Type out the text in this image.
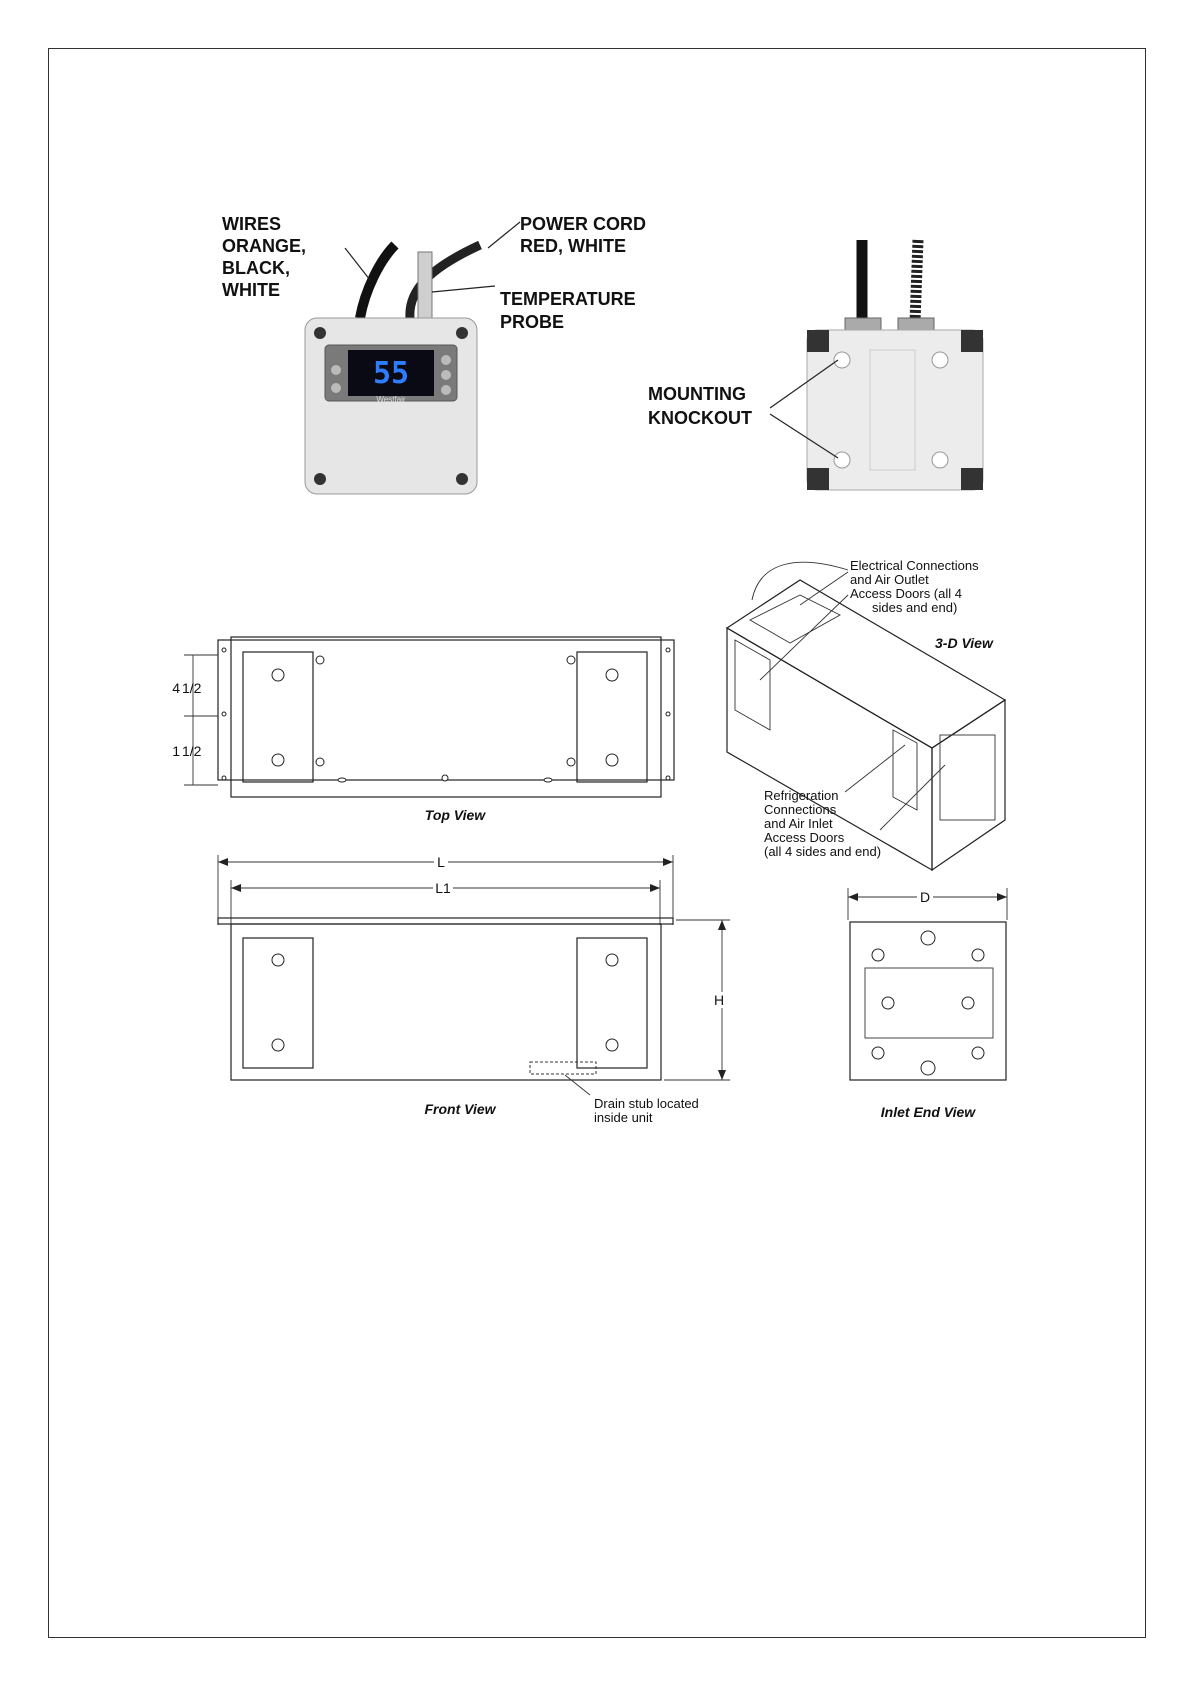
55
Westfair
WIRES ORANGE, BLACK, WHITE
POWER CORD RED, WHITE
TEMPERATURE PROBE
MOUNTING KNOCKOUT
4 1/2
1 1/2
Top View
Electrical Connections and Air Outlet Access Doors (all 4 sides and end)
3-D View
Refrigeration Connections and Air Inlet Access Doors (all 4 sides and end)
L
L1
H
Front View	Drain stub located inside unit
D
Inlet End View
